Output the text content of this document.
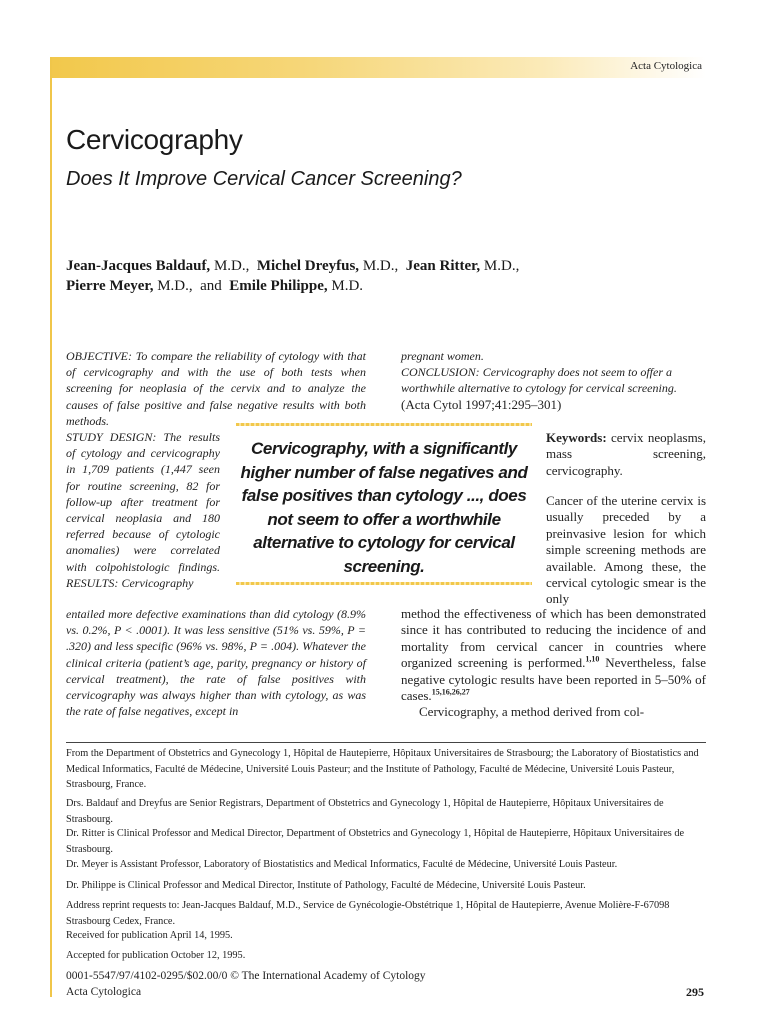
Acta Cytologica
Cervicography
Does It Improve Cervical Cancer Screening?
Jean-Jacques Baldauf, M.D., Michel Dreyfus, M.D., Jean Ritter, M.D.,
Pierre Meyer, M.D., and Emile Philippe, M.D.
OBJECTIVE: To compare the reliability of cytology with that of cervicography and with the use of both tests when screening for neoplasia of the cervix and to analyze the causes of false positive and false negative results with both methods.
STUDY DESIGN: The results of cytology and cervicography in 1,709 patients (1,447 seen for routine screening, 82 for follow-up after treatment for cervical neoplasia and 180 referred because of cytologic anomalies) were correlated with colpohistologic findings. RESULTS: Cervicography
entailed more defective examinations than did cytology (8.9% vs. 0.2%, P < .0001). It was less sensitive (51% vs. 59%, P = .320) and less specific (96% vs. 98%, P = .004). Whatever the clinical criteria (patient’s age, parity, pregnancy or history of cervical treatment), the rate of false positives with cervicography was always higher than with cytology, as was the rate of false negatives, except in
pregnant women.
CONCLUSION: Cervicography does not seem to offer a worthwhile alternative to cytology for cervical screening.
(Acta Cytol 1997;41:295–301)
Cervicography, with a significantly higher number of false negatives and false positives than cytology ..., does not seem to offer a worthwhile alternative to cytology for cervical screening.
Keywords: cervix neoplasms, mass screening, cervicography.
Cancer of the uterine cervix is usually preceded by a preinvasive lesion for which simple screening methods are available. Among these, the cervical cytologic smear is the only

method the effectiveness of which has been demonstrated since it has contributed to reducing the incidence of and mortality from cervical cancer in countries where organized screening is performed.$^{1,10}$ Nevertheless, false negative cytologic results have been reported in 5–50% of cases.$^{15,16,26,27}$

Cervicography, a method derived from col-

From the Department of Obstetrics and Gynecology 1, Hôpital de Hautepierre, Hôpitaux Universitaires de Strasbourg; the Laboratory of Biostatistics and Medical Informatics, Faculté de Médecine, Université Louis Pasteur; and the Institute of Pathology, Faculté de Médecine, Université Louis Pasteur, Strasbourg, France.
Drs. Baldauf and Dreyfus are Senior Registrars, Department of Obstetrics and Gynecology 1, Hôpital de Hautepierre, Hôpitaux Universitaires de Strasbourg.
Dr. Ritter is Clinical Professor and Medical Director, Department of Obstetrics and Gynecology 1, Hôpital de Hautepierre, Hôpitaux Universitaires de Strasbourg.
Dr. Meyer is Assistant Professor, Laboratory of Biostatistics and Medical Informatics, Faculté de Médecine, Université Louis Pasteur.
Dr. Philippe is Clinical Professor and Medical Director, Institute of Pathology, Faculté de Médecine, Université Louis Pasteur.
Address reprint requests to: Jean-Jacques Baldauf, M.D., Service de Gynécologie-Obstétrique 1, Hôpital de Hautepierre, Avenue Molière-F-67098 Strasbourg Cedex, France.
Received for publication April 14, 1995.
Accepted for publication October 12, 1995.
0001-5547/97/4102-0295/$02.00/0 © The International Academy of Cytology
Acta Cytologica	295
